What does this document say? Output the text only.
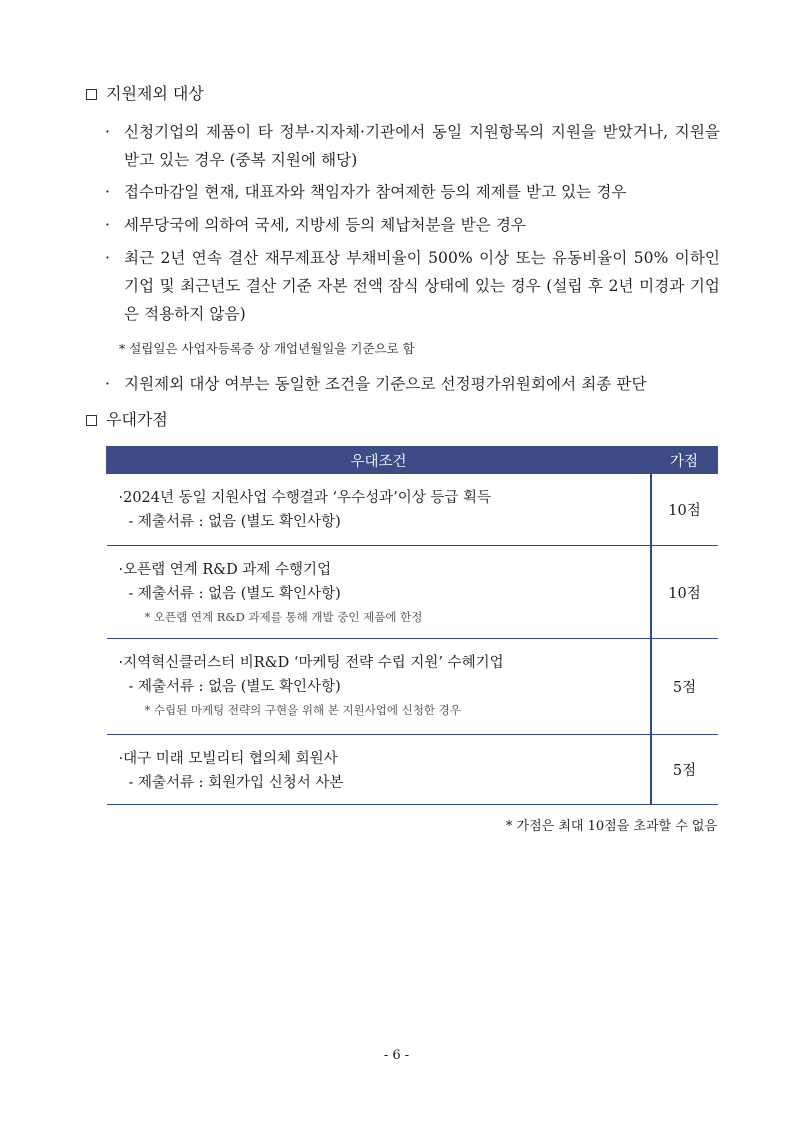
지원제외 대상
· 신청기업의 제품이 타 정부·지자체·기관에서 동일 지원항목의 지원을 받았거나, 지원을 받고 있는 경우 (중복 지원에 해당)
· 접수마감일 현재, 대표자와 책임자가 참여제한 등의 제제를 받고 있는 경우
· 세무당국에 의하여 국세, 지방세 등의 체납처분을 받은 경우
· 최근 2년 연속 결산 재무제표상 부채비율이 500% 이상 또는 유동비율이 50% 이하인 기업 및 최근년도 결산 기준 자본 전액 잠식 상태에 있는 경우 (설립 후 2년 미경과 기업은 적용하지 않음)
* 설립일은 사업자등록증 상 개업년월일을 기준으로 함
· 지원제외 대상 여부는 동일한 조건을 기준으로 선정평가위원회에서 최종 판단
우대가점
우대조건	가점

·2024년 동일 지원사업 수행결과 ‘우수성과’이상 등급 획득
- 제출서류 : 없음 (별도 확인사항)	10점

·오픈랩 연계 R&D 과제 수행기업
- 제출서류 : 없음 (별도 확인사항)
* 오픈랩 연계 R&D 과제를 통해 개발 중인 제품에 한정	10점

·지역혁신클러스터 비R&D ‘마케팅 전략 수립 지원’ 수혜기업
- 제출서류 : 없음 (별도 확인사항)
* 수립된 마케팅 전략의 구현을 위해 본 지원사업에 신청한 경우	5점

·대구 미래 모빌리티 협의체 회원사
- 제출서류 : 회원가입 신청서 사본	5점
* 가점은 최대 10점을 초과할 수 없음
- 6 -
